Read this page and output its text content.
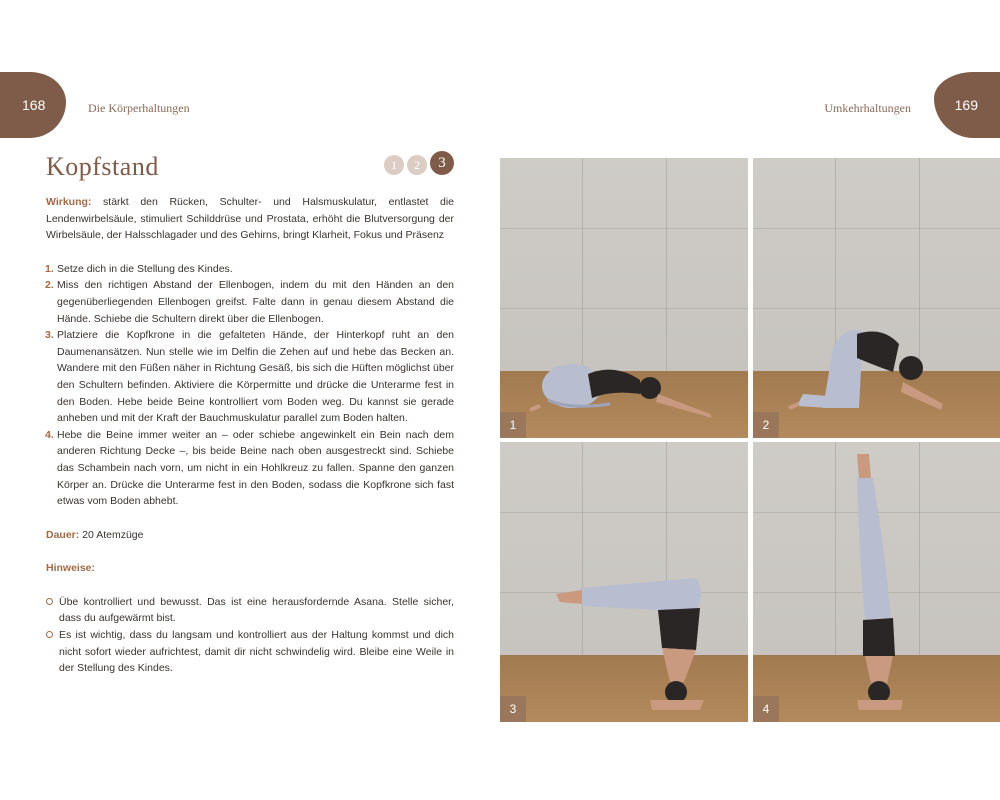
168	Die Körperhaltungen	Umkehrhaltungen	169
Kopfstand	1	2	3

Wirkung: stärkt den Rücken, Schulter- und Halsmuskulatur, entlastet die Lendenwirbelsäule, stimuliert Schilddrüse und Prostata, erhöht die Blutversorgung der Wirbelsäule, der Halsschlagader und des Gehirns, bringt Klarheit, Fokus und Präsenz

1. Setze dich in die Stellung des Kindes.
2. Miss den richtigen Abstand der Ellenbogen, indem du mit den Händen an den gegenüberliegenden Ellenbogen greifst. Falte dann in genau diesem Abstand die Hände. Schiebe die Schultern direkt über die Ellenbogen.
3. Platziere die Kopfkrone in die gefalteten Hände, der Hinterkopf ruht an den Daumenansätzen. Nun stelle wie im Delfin die Zehen auf und hebe das Becken an. Wandere mit den Füßen näher in Richtung Gesäß, bis sich die Hüften möglichst über den Schultern befinden. Aktiviere die Körpermitte und drücke die Unterarme fest in den Boden. Hebe beide Beine kontrolliert vom Boden weg. Du kannst sie gerade anheben und mit der Kraft der Bauchmuskulatur parallel zum Boden halten.
4. Hebe die Beine immer weiter an – oder schiebe angewinkelt ein Bein nach dem anderen Richtung Decke –, bis beide Beine nach oben ausgestreckt sind. Schiebe das Schambein nach vorn, um nicht in ein Hohlkreuz zu fallen. Spanne den ganzen Körper an. Drücke die Unterarme fest in den Boden, sodass die Kopfkrone sich fast etwas vom Boden abhebt.

Dauer: 20 Atemzüge

Hinweise:

Übe kontrolliert und bewusst. Das ist eine herausfordernde Asana. Stelle sicher, dass du aufgewärmt bist.
Es ist wichtig, dass du langsam und kontrolliert aus der Haltung kommst und dich nicht sofort wieder aufrichtest, damit dir nicht schwindelig wird. Bleibe eine Weile in der Stellung des Kindes.
1	2
3	4
